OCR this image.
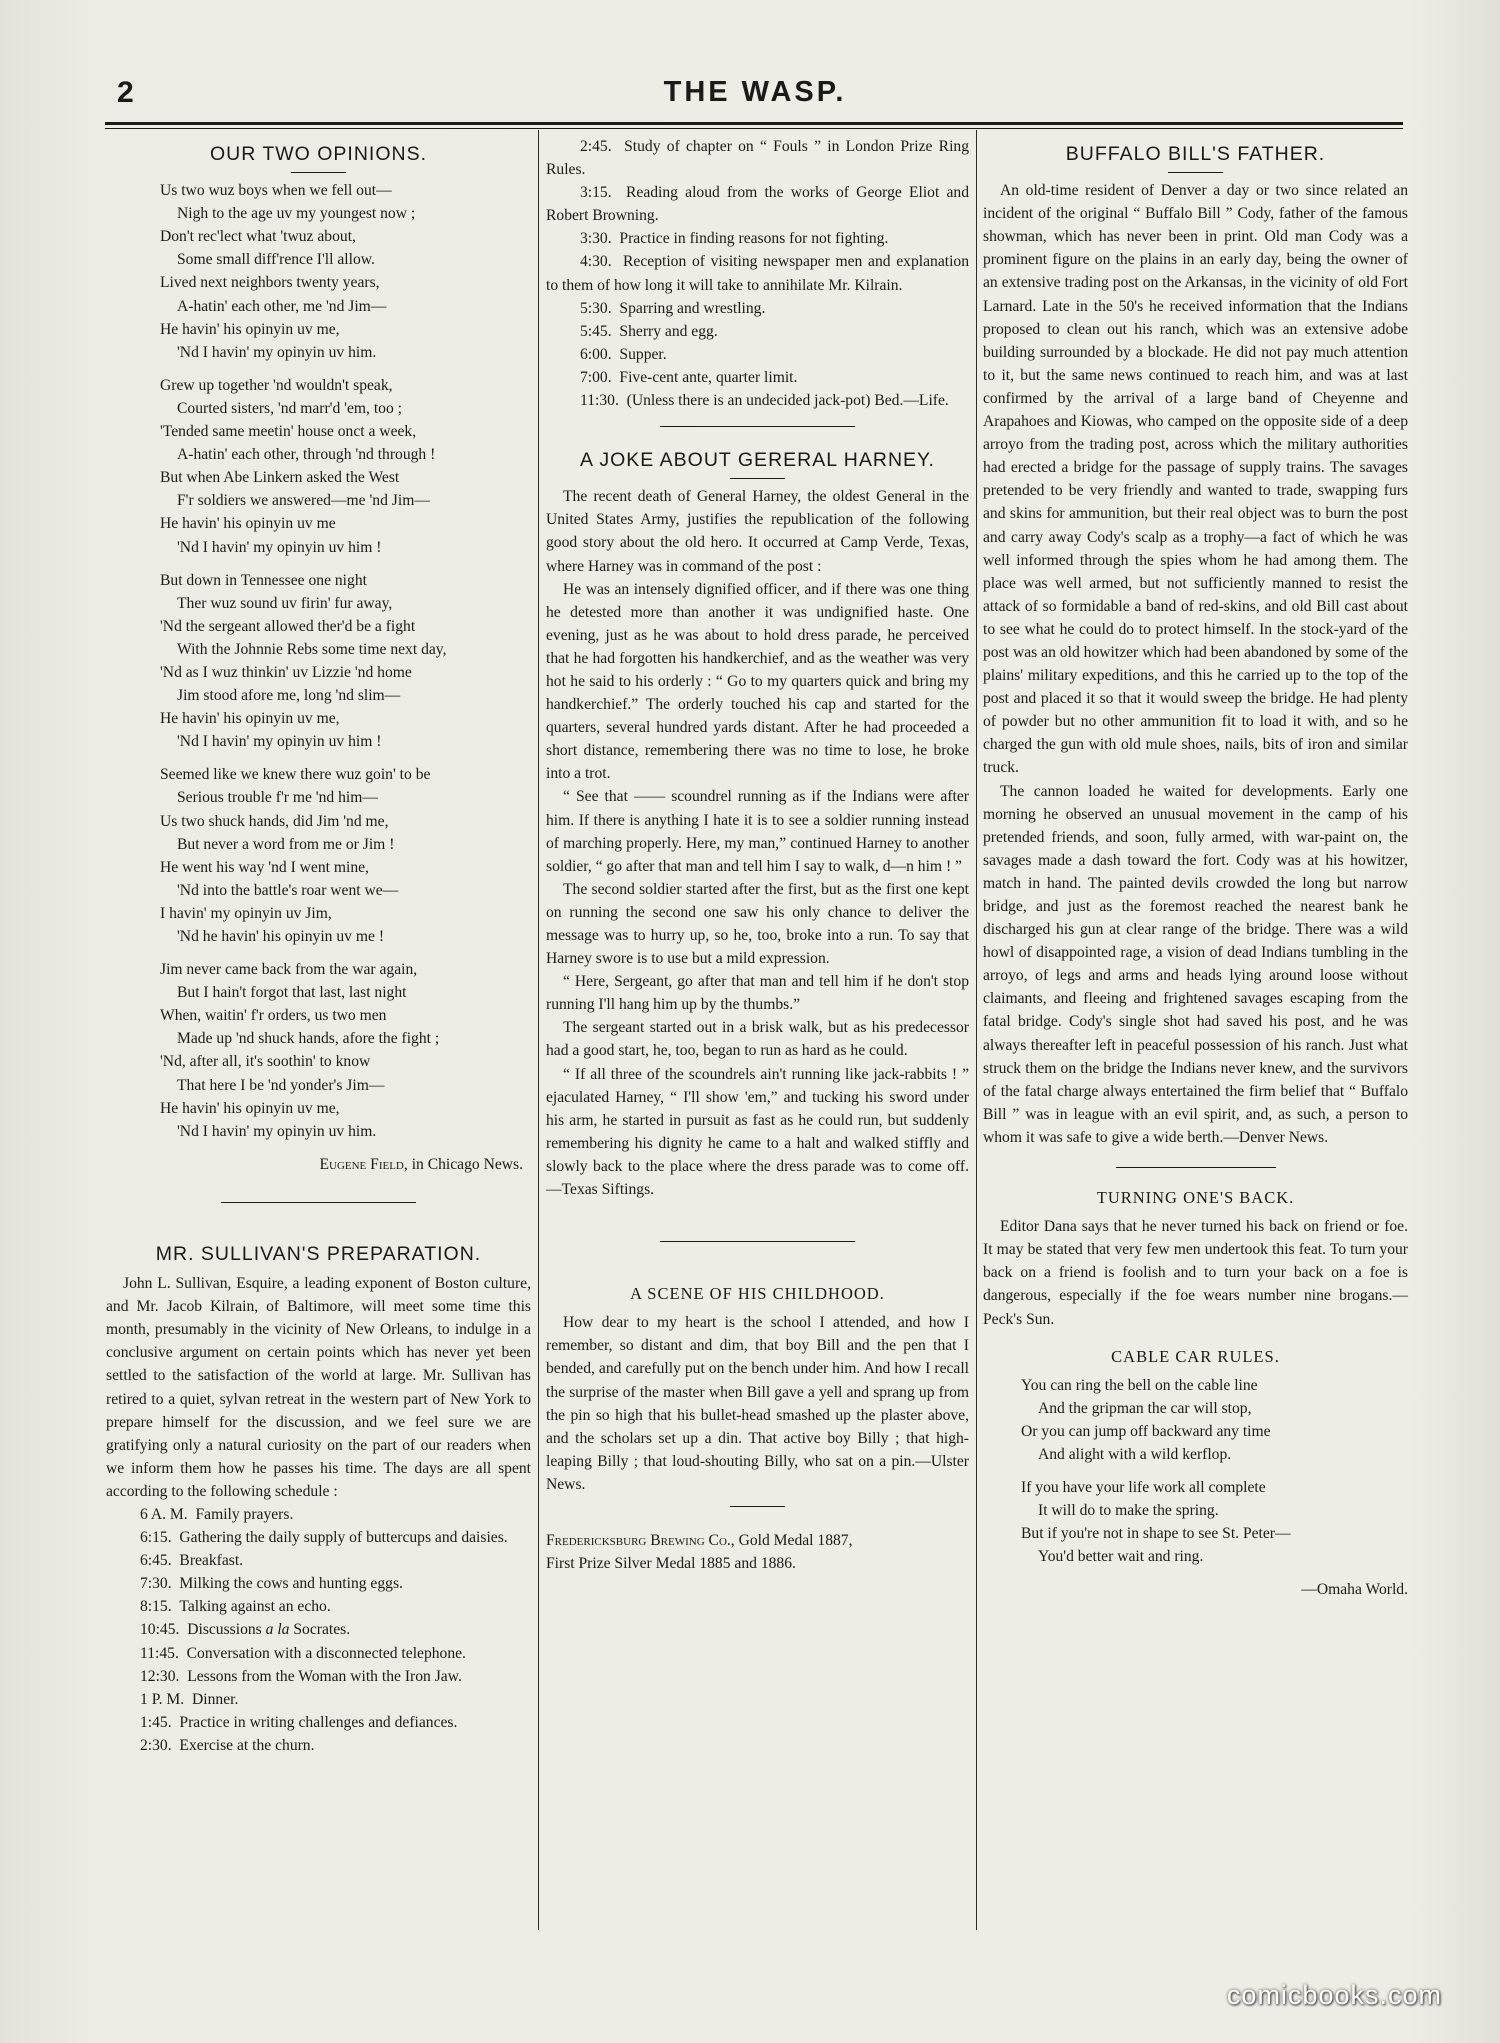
2	THE WASP.
OUR TWO OPINIONS.
Us two wuz boys when we fell out—
Nigh to the age uv my youngest now ;
Don't rec'lect what 'twuz about,
Some small diff'rence I'll allow.
Lived next neighbors twenty years,
A-hatin' each other, me 'nd Jim—
He havin' his opinyin uv me,
'Nd I havin' my opinyin uv him.
Grew up together 'nd wouldn't speak,
Courted sisters, 'nd marr'd 'em, too ;
'Tended same meetin' house onct a week,
A-hatin' each other, through 'nd through !
But when Abe Linkern asked the West
F'r soldiers we answered—me 'nd Jim—
He havin' his opinyin uv me
'Nd I havin' my opinyin uv him !
But down in Tennessee one night
Ther wuz sound uv firin' fur away,
'Nd the sergeant allowed ther'd be a fight
With the Johnnie Rebs some time next day,
'Nd as I wuz thinkin' uv Lizzie 'nd home
Jim stood afore me, long 'nd slim—
He havin' his opinyin uv me,
'Nd I havin' my opinyin uv him !
Seemed like we knew there wuz goin' to be
Serious trouble f'r me 'nd him—
Us two shuck hands, did Jim 'nd me,
But never a word from me or Jim !
He went his way 'nd I went mine,
'Nd into the battle's roar went we—
I havin' my opinyin uv Jim,
'Nd he havin' his opinyin uv me !
Jim never came back from the war again,
But I hain't forgot that last, last night
When, waitin' f'r orders, us two men
Made up 'nd shuck hands, afore the fight ;
'Nd, after all, it's soothin' to know
That here I be 'nd yonder's Jim—
He havin' his opinyin uv me,
'Nd I havin' my opinyin uv him.
Eugene Field, in Chicago News.
MR. SULLIVAN'S PREPARATION.

John L. Sullivan, Esquire, a leading exponent of Boston culture, and Mr. Jacob Kilrain, of Baltimore, will meet some time this month, presumably in the vicinity of New Orleans, to indulge in a conclusive argument on certain points which has never yet been settled to the satisfaction of the world at large. Mr. Sullivan has retired to a quiet, sylvan retreat in the western part of New York to prepare himself for the discussion, and we feel sure we are gratifying only a natural curiosity on the part of our readers when we inform them how he passes his time. The days are all spent according to the following schedule :

6 A. M. Family prayers.

6:15. Gathering the daily supply of buttercups and daisies.

6:45. Breakfast.

7:30. Milking the cows and hunting eggs.

8:15. Talking against an echo.

10:45. Discussions a la Socrates.

11:45. Conversation with a disconnected telephone.

12:30. Lessons from the Woman with the Iron Jaw.

1 P. M. Dinner.

1:45. Practice in writing challenges and defiances.

2:30. Exercise at the churn.

2:45. Study of chapter on “ Fouls ” in London Prize Ring Rules.

3:15. Reading aloud from the works of George Eliot and Robert Browning.

3:30. Practice in finding reasons for not fighting.

4:30. Reception of visiting newspaper men and explanation to them of how long it will take to annihilate Mr. Kilrain.

5:30. Sparring and wrestling.

5:45. Sherry and egg.

6:00. Supper.

7:00. Five-cent ante, quarter limit.

11:30. (Unless there is an undecided jack-pot) Bed.—Life.

A JOKE ABOUT GERERAL HARNEY.

The recent death of General Harney, the oldest General in the United States Army, justifies the republication of the following good story about the old hero. It occurred at Camp Verde, Texas, where Harney was in command of the post :

He was an intensely dignified officer, and if there was one thing he detested more than another it was undignified haste. One evening, just as he was about to hold dress parade, he perceived that he had forgotten his handkerchief, and as the weather was very hot he said to his orderly : “ Go to my quarters quick and bring my handkerchief.” The orderly touched his cap and started for the quarters, several hundred yards distant. After he had proceeded a short distance, remembering there was no time to lose, he broke into a trot.

“ See that —— scoundrel running as if the Indians were after him. If there is anything I hate it is to see a soldier running instead of marching properly. Here, my man,” continued Harney to another soldier, “ go after that man and tell him I say to walk, d—n him ! ”

The second soldier started after the first, but as the first one kept on running the second one saw his only chance to deliver the message was to hurry up, so he, too, broke into a run. To say that Harney swore is to use but a mild expression.

“ Here, Sergeant, go after that man and tell him if he don't stop running I'll hang him up by the thumbs.”

The sergeant started out in a brisk walk, but as his predecessor had a good start, he, too, began to run as hard as he could.

“ If all three of the scoundrels ain't running like jack-rabbits ! ” ejaculated Harney, “ I'll show 'em,” and tucking his sword under his arm, he started in pursuit as fast as he could run, but suddenly remembering his dignity he came to a halt and walked stiffly and slowly back to the place where the dress parade was to come off. —Texas Siftings.

A SCENE OF HIS CHILDHOOD.

How dear to my heart is the school I attended, and how I remember, so distant and dim, that boy Bill and the pen that I bended, and carefully put on the bench under him. And how I recall the surprise of the master when Bill gave a yell and sprang up from the pin so high that his bullet-head smashed up the plaster above, and the scholars set up a din. That active boy Billy ; that high-leaping Billy ; that loud-shouting Billy, who sat on a pin.—Ulster News.

Fredericksburg Brewing Co., Gold Medal 1887,
First Prize Silver Medal 1885 and 1886.

BUFFALO BILL'S FATHER.

An old-time resident of Denver a day or two since related an incident of the original “ Buffalo Bill ” Cody, father of the famous showman, which has never been in print. Old man Cody was a prominent figure on the plains in an early day, being the owner of an extensive trading post on the Arkansas, in the vicinity of old Fort Larnard. Late in the 50's he received information that the Indians proposed to clean out his ranch, which was an extensive adobe building surrounded by a blockade. He did not pay much attention to it, but the same news continued to reach him, and was at last confirmed by the arrival of a large band of Cheyenne and Arapahoes and Kiowas, who camped on the opposite side of a deep arroyo from the trading post, across which the military authorities had erected a bridge for the passage of supply trains. The savages pretended to be very friendly and wanted to trade, swapping furs and skins for ammunition, but their real object was to burn the post and carry away Cody's scalp as a trophy—a fact of which he was well informed through the spies whom he had among them. The place was well armed, but not sufficiently manned to resist the attack of so formidable a band of red-skins, and old Bill cast about to see what he could do to protect himself. In the stock-yard of the post was an old howitzer which had been abandoned by some of the plains' military expeditions, and this he carried up to the top of the post and placed it so that it would sweep the bridge. He had plenty of powder but no other ammunition fit to load it with, and so he charged the gun with old mule shoes, nails, bits of iron and similar truck.

The cannon loaded he waited for developments. Early one morning he observed an unusual movement in the camp of his pretended friends, and soon, fully armed, with war-paint on, the savages made a dash toward the fort. Cody was at his howitzer, match in hand. The painted devils crowded the long but narrow bridge, and just as the foremost reached the nearest bank he discharged his gun at clear range of the bridge. There was a wild howl of disappointed rage, a vision of dead Indians tumbling in the arroyo, of legs and arms and heads lying around loose without claimants, and fleeing and frightened savages escaping from the fatal bridge. Cody's single shot had saved his post, and he was always thereafter left in peaceful possession of his ranch. Just what struck them on the bridge the Indians never knew, and the survivors of the fatal charge always entertained the firm belief that “ Buffalo Bill ” was in league with an evil spirit, and, as such, a person to whom it was safe to give a wide berth.—Denver News.

TURNING ONE'S BACK.

Editor Dana says that he never turned his back on friend or foe. It may be stated that very few men undertook this feat. To turn your back on a friend is foolish and to turn your back on a foe is dangerous, especially if the foe wears number nine brogans.—Peck's Sun.

CABLE CAR RULES.
You can ring the bell on the cable line
And the gripman the car will stop,
Or you can jump off backward any time
And alight with a wild kerflop.
If you have your life work all complete
It will do to make the spring.
But if you're not in shape to see St. Peter—
You'd better wait and ring.

—Omaha World.

comicbooks.com
